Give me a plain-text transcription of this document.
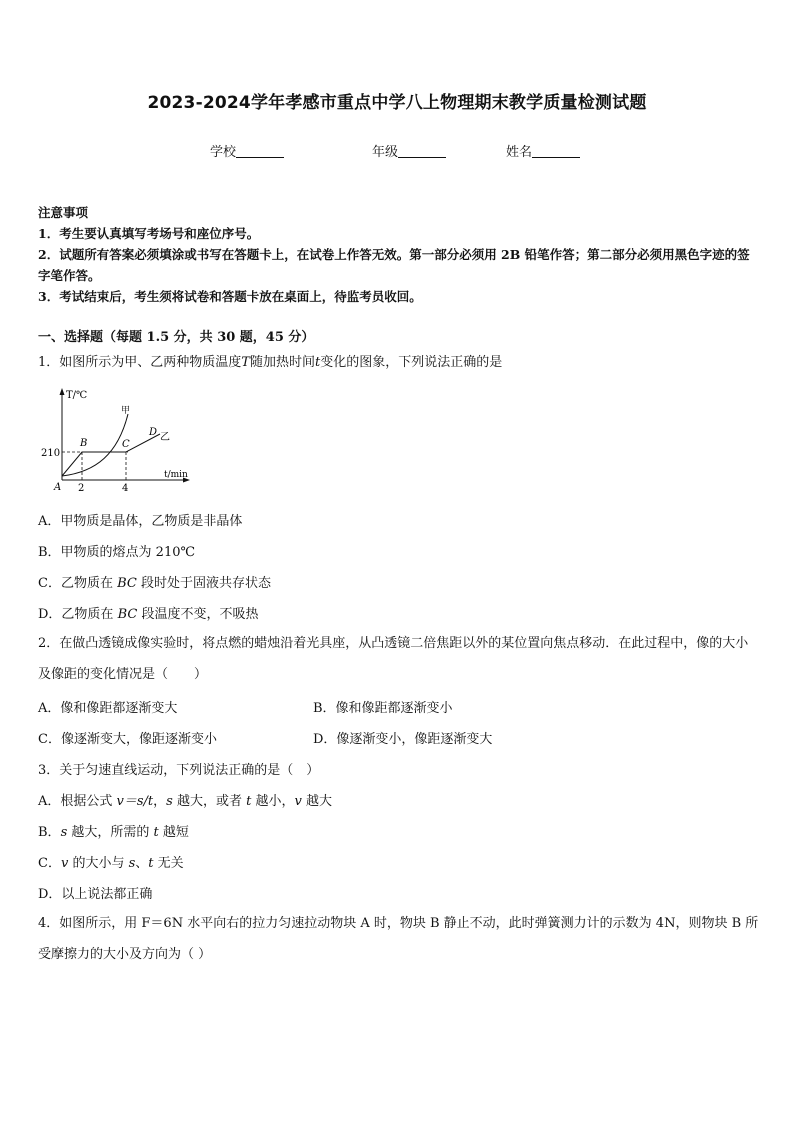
2023-2024学年孝感市重点中学八上物理期末教学质量检测试题
学校	年级	姓名
注意事项
1．考生要认真填写考场号和座位序号。
2．试题所有答案必须填涂或书写在答题卡上，在试卷上作答无效。第一部分必须用 2B 铅笔作答；第二部分必须用黑色字迹的签字笔作答。
3．考试结束后，考生须将试卷和答题卡放在桌面上，待监考员收回。
一、选择题（每题 1.5 分，共 30 题，45 分）
1．如图所示为甲、乙两种物质温度T随加热时间t变化的图象，下列说法正确的是
T/℃
t/min
210
2	4
A
甲
B	C
D 乙
A．甲物质是晶体，乙物质是非晶体
B．甲物质的熔点为 210℃
C．乙物质在 BC 段时处于固液共存状态
D．乙物质在 BC 段温度不变，不吸热
2．在做凸透镜成像实验时，将点燃的蜡烛沿着光具座，从凸透镜二倍焦距以外的某位置向焦点移动．在此过程中，像的大小及像距的变化情况是（　　）
A．像和像距都逐渐变大	B．像和像距都逐渐变小
C．像逐渐变大，像距逐渐变小	D．像逐渐变小，像距逐渐变大
3．关于匀速直线运动，下列说法正确的是（　）
A．根据公式 v＝s/t，s 越大，或者 t 越小，v 越大
B．s 越大，所需的 t 越短
C．v 的大小与 s、t 无关
D．以上说法都正确
4．如图所示，用 F＝6N 水平向右的拉力匀速拉动物块 A 时，物块 B 静止不动，此时弹簧测力计的示数为 4N，则物块 B 所受摩擦力的大小及方向为（ ）
